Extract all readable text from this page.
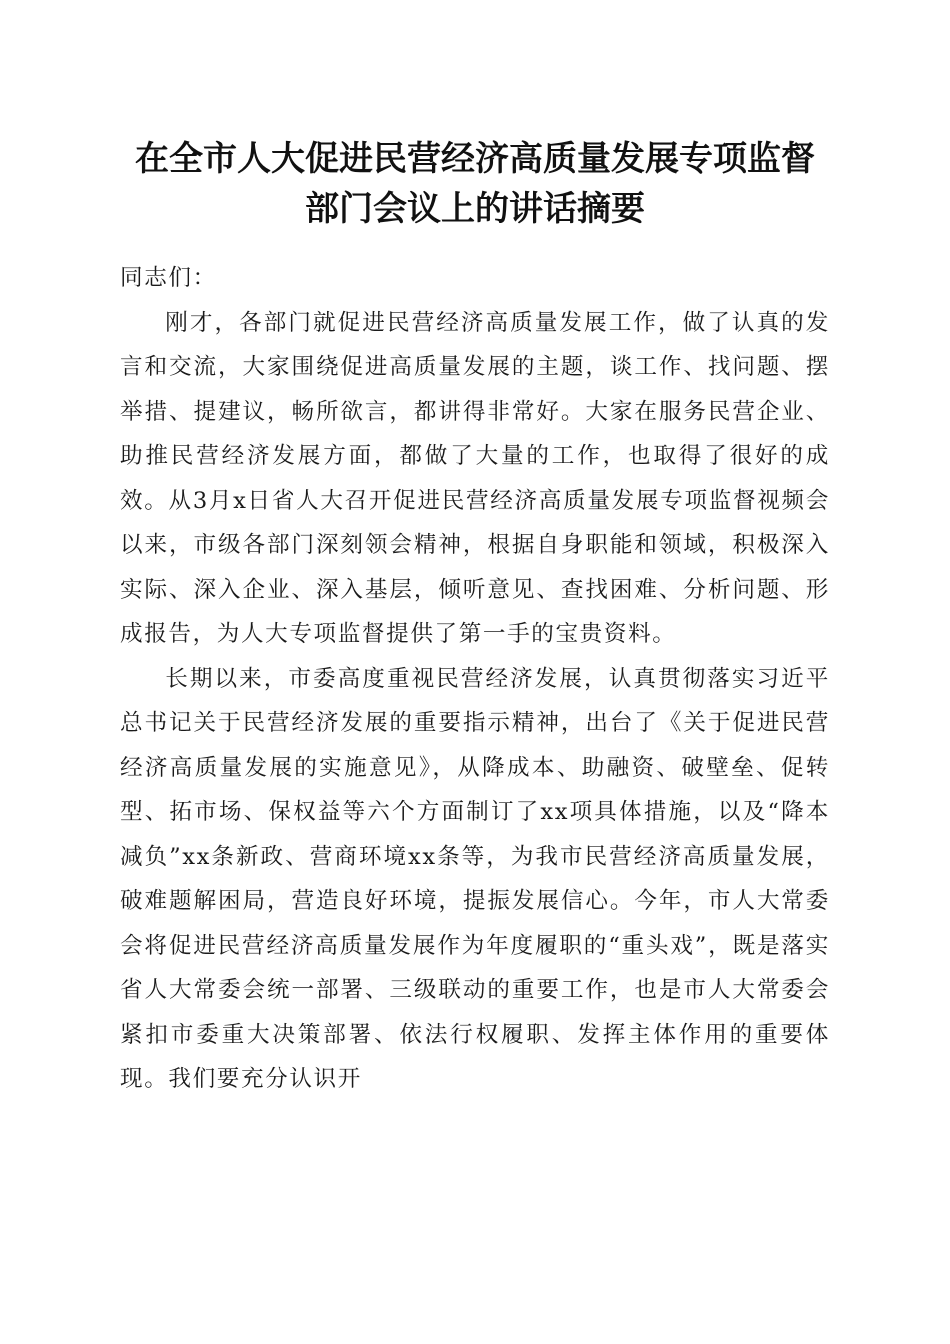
在全市人大促进民营经济高质量发展专项监督
部门会议上的讲话摘要

同志们：

刚才，各部门就促进民营经济高质量发展工作，做了认真的发言和交流，大家围绕促进高质量发展的主题，谈工作、找问题、摆举措、提建议，畅所欲言，都讲得非常好。大家在服务民营企业、助推民营经济发展方面，都做了大量的工作，也取得了很好的成效。从3月x日省人大召开促进民营经济高质量发展专项监督视频会以来，市级各部门深刻领会精神，根据自身职能和领域，积极深入实际、深入企业、深入基层，倾听意见、查找困难、分析问题、形成报告，为人大专项监督提供了第一手的宝贵资料。

长期以来，市委高度重视民营经济发展，认真贯彻落实习近平总书记关于民营经济发展的重要指示精神，出台了《关于促进民营经济高质量发展的实施意见》，从降成本、助融资、破壁垒、促转型、拓市场、保权益等六个方面制订了xx项具体措施，以及“降本减负”xx条新政、营商环境xx条等，为我市民营经济高质量发展，破难题解困局，营造良好环境，提振发展信心。今年，市人大常委会将促进民营经济高质量发展作为年度履职的“重头戏”，既是落实省人大常委会统一部署、三级联动的重要工作，也是市人大常委会紧扣市委重大决策部署、依法行权履职、发挥主体作用的重要体现。我们要充分认识开
